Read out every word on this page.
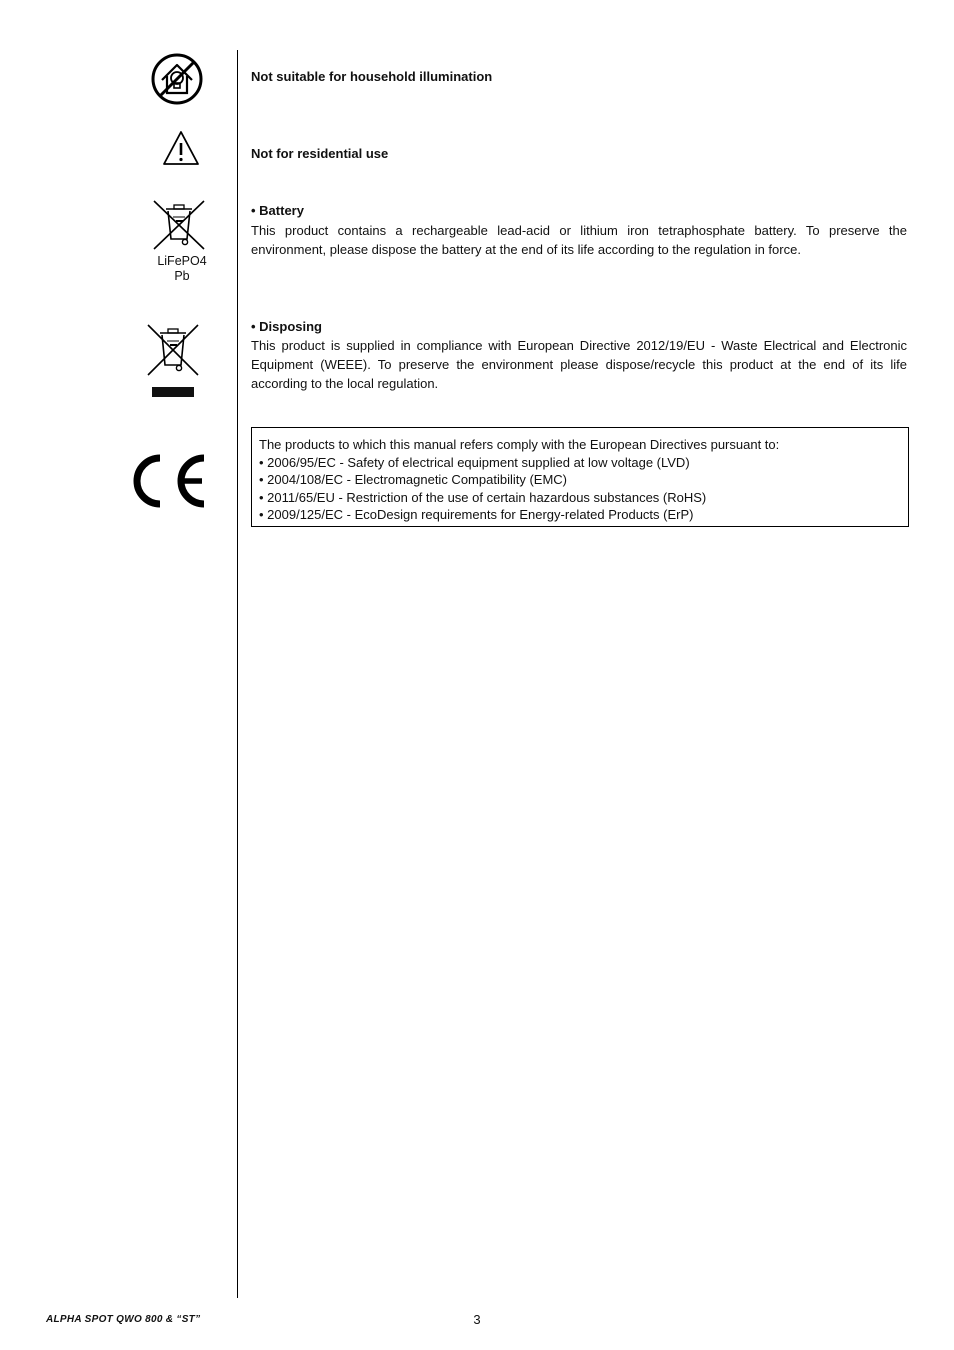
Not suitable for household illumination
Not for residential use
LiFePO4
Pb
• Battery
This product contains a rechargeable lead-acid or lithium iron tetraphosphate battery. To preserve the environment, please dispose the battery at the end of its life according to the regulation in force.
• Disposing
This product is supplied in compliance with European Directive 2012/19/EU - Waste Electrical and Electronic Equipment (WEEE). To preserve the environment please dispose/recycle this product at the end of its life according to the local regulation.
The products to which this manual refers comply with the European Directives pursuant to:
• 2006/95/EC - Safety of electrical equipment supplied at low voltage (LVD)
• 2004/108/EC - Electromagnetic Compatibility (EMC)
• 2011/65/EU - Restriction of the use of certain hazardous substances (RoHS)
• 2009/125/EC - EcoDesign requirements for Energy-related Products (ErP)
ALPHA SPOT QWO 800 & “ST”	3
